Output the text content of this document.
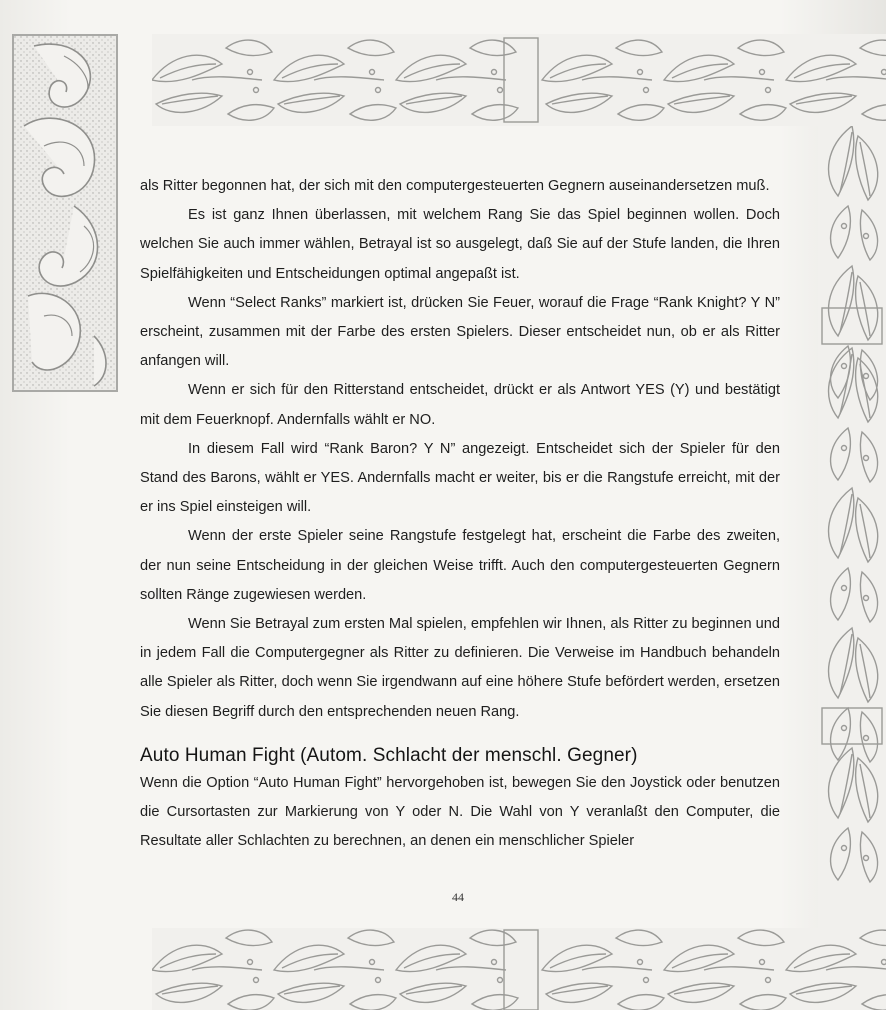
als Ritter begonnen hat, der sich mit den computergesteuerten Gegnern auseinandersetzen muß.

Es ist ganz Ihnen überlassen, mit welchem Rang Sie das Spiel beginnen wollen. Doch welchen Sie auch immer wählen, Betrayal ist so ausgelegt, daß Sie auf der Stufe landen, die Ihren Spielfähigkeiten und Entscheidungen optimal angepaßt ist.

Wenn “Select Ranks” markiert ist, drücken Sie Feuer, worauf die Frage “Rank Knight? Y N” erscheint, zusammen mit der Farbe des ersten Spielers. Dieser entscheidet nun, ob er als Ritter anfangen will.

Wenn er sich für den Ritterstand entscheidet, drückt er als Antwort YES (Y) und bestätigt mit dem Feuerknopf. Andernfalls wählt er NO.

In diesem Fall wird “Rank Baron? Y N” angezeigt. Entscheidet sich der Spieler für den Stand des Barons, wählt er YES. Andernfalls macht er weiter, bis er die Rangstufe erreicht, mit der er ins Spiel einsteigen will.

Wenn der erste Spieler seine Rangstufe festgelegt hat, erscheint die Farbe des zweiten, der nun seine Entscheidung in der gleichen Weise trifft. Auch den computergesteuerten Gegnern sollten Ränge zugewiesen werden.

Wenn Sie Betrayal zum ersten Mal spielen, empfehlen wir Ihnen, als Ritter zu beginnen und in jedem Fall die Computergegner als Ritter zu definieren. Die Verweise im Handbuch behandeln alle Spieler als Ritter, doch wenn Sie irgendwann auf eine höhere Stufe befördert werden, ersetzen Sie diesen Begriff durch den entsprechenden neuen Rang.

Auto Human Fight (Autom. Schlacht der menschl. Gegner)

Wenn die Option “Auto Human Fight” hervorgehoben ist, bewegen Sie den Joystick oder benutzen die Cursortasten zur Markierung von Y oder N. Die Wahl von Y veranlaßt den Computer, die Resultate aller Schlachten zu berechnen, an denen ein menschlicher Spieler

44
